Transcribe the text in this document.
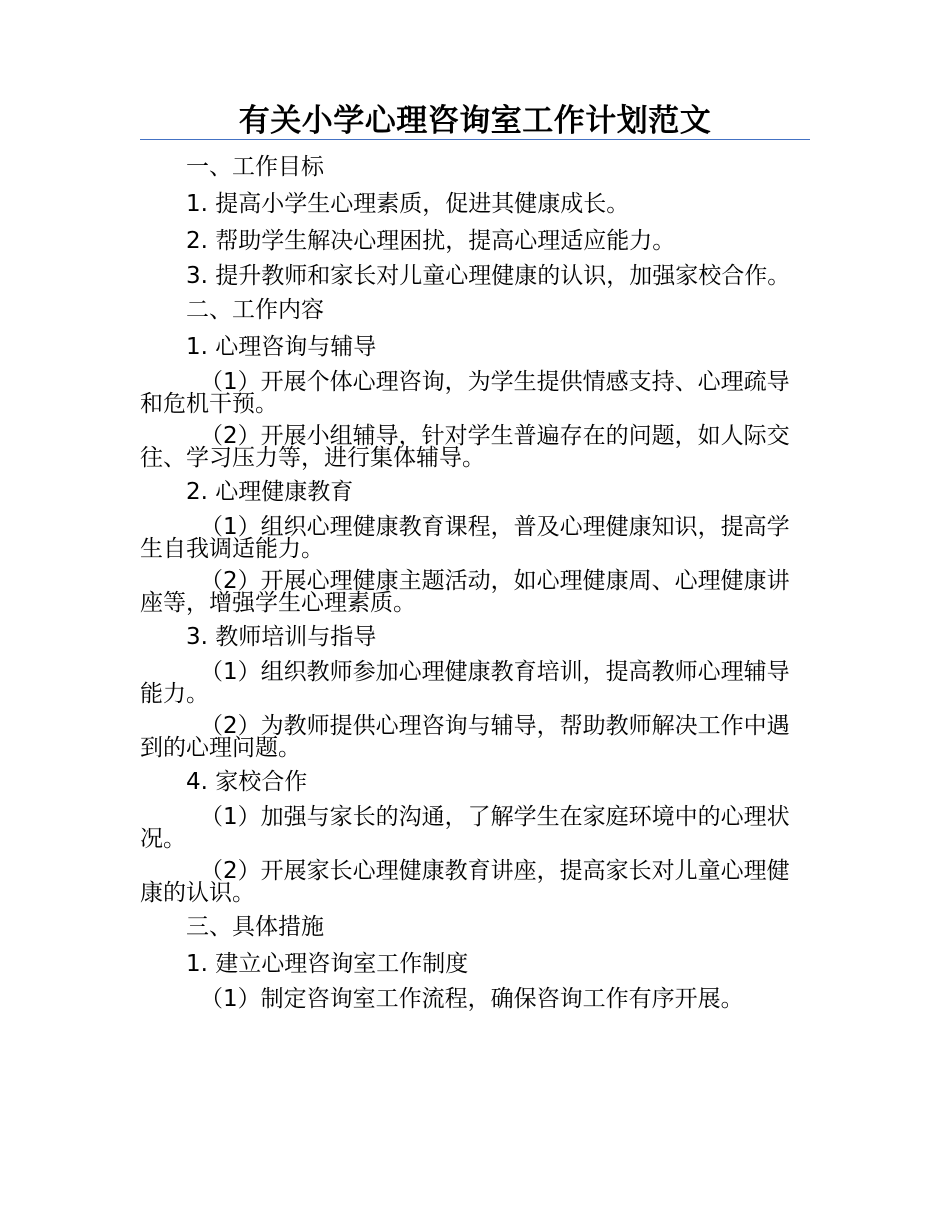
有关小学心理咨询室工作计划范文

一、工作目标

1. 提高小学生心理素质，促进其健康成长。

2. 帮助学生解决心理困扰，提高心理适应能力。

3. 提升教师和家长对儿童心理健康的认识，加强家校合作。

二、工作内容

1. 心理咨询与辅导

（1）开展个体心理咨询，为学生提供情感支持、心理疏导和危机干预。

（2）开展小组辅导，针对学生普遍存在的问题，如人际交往、学习压力等，进行集体辅导。

2. 心理健康教育

（1）组织心理健康教育课程，普及心理健康知识，提高学生自我调适能力。

（2）开展心理健康主题活动，如心理健康周、心理健康讲座等，增强学生心理素质。

3. 教师培训与指导

（1）组织教师参加心理健康教育培训，提高教师心理辅导能力。

（2）为教师提供心理咨询与辅导，帮助教师解决工作中遇到的心理问题。

4. 家校合作

（1）加强与家长的沟通，了解学生在家庭环境中的心理状况。

（2）开展家长心理健康教育讲座，提高家长对儿童心理健康的认识。

三、具体措施

1. 建立心理咨询室工作制度

（1）制定咨询室工作流程，确保咨询工作有序开展。
